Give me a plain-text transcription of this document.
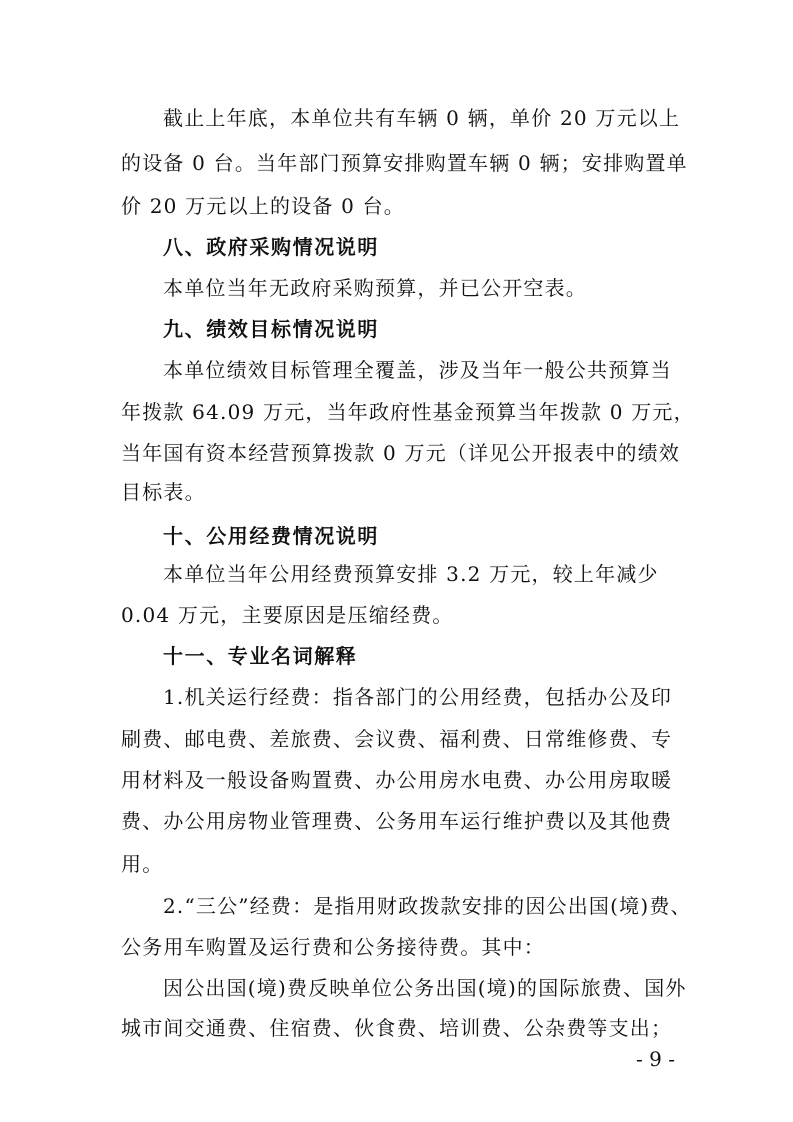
截止上年底，本单位共有车辆 0 辆，单价 20 万元以上
的设备 0 台。当年部门预算安排购置车辆 0 辆；安排购置单
价 20 万元以上的设备 0 台。
八、政府采购情况说明
本单位当年无政府采购预算，并已公开空表。
九、绩效目标情况说明
本单位绩效目标管理全覆盖，涉及当年一般公共预算当
年拨款 64.09 万元，当年政府性基金预算当年拨款 0 万元，
当年国有资本经营预算拨款 0 万元（详见公开报表中的绩效
目标表。
十、公用经费情况说明
本单位当年公用经费预算安排 3.2 万元，较上年减少
0.04 万元，主要原因是压缩经费。
十一、专业名词解释
1.机关运行经费：指各部门的公用经费，包括办公及印
刷费、邮电费、差旅费、会议费、福利费、日常维修费、专
用材料及一般设备购置费、办公用房水电费、办公用房取暖
费、办公用房物业管理费、公务用车运行维护费以及其他费
用。
2.“三公”经费：是指用财政拨款安排的因公出国(境)费、
公务用车购置及运行费和公务接待费。其中：
因公出国(境)费反映单位公务出国(境)的国际旅费、国外
城市间交通费、住宿费、伙食费、培训费、公杂费等支出；
- 9 -
